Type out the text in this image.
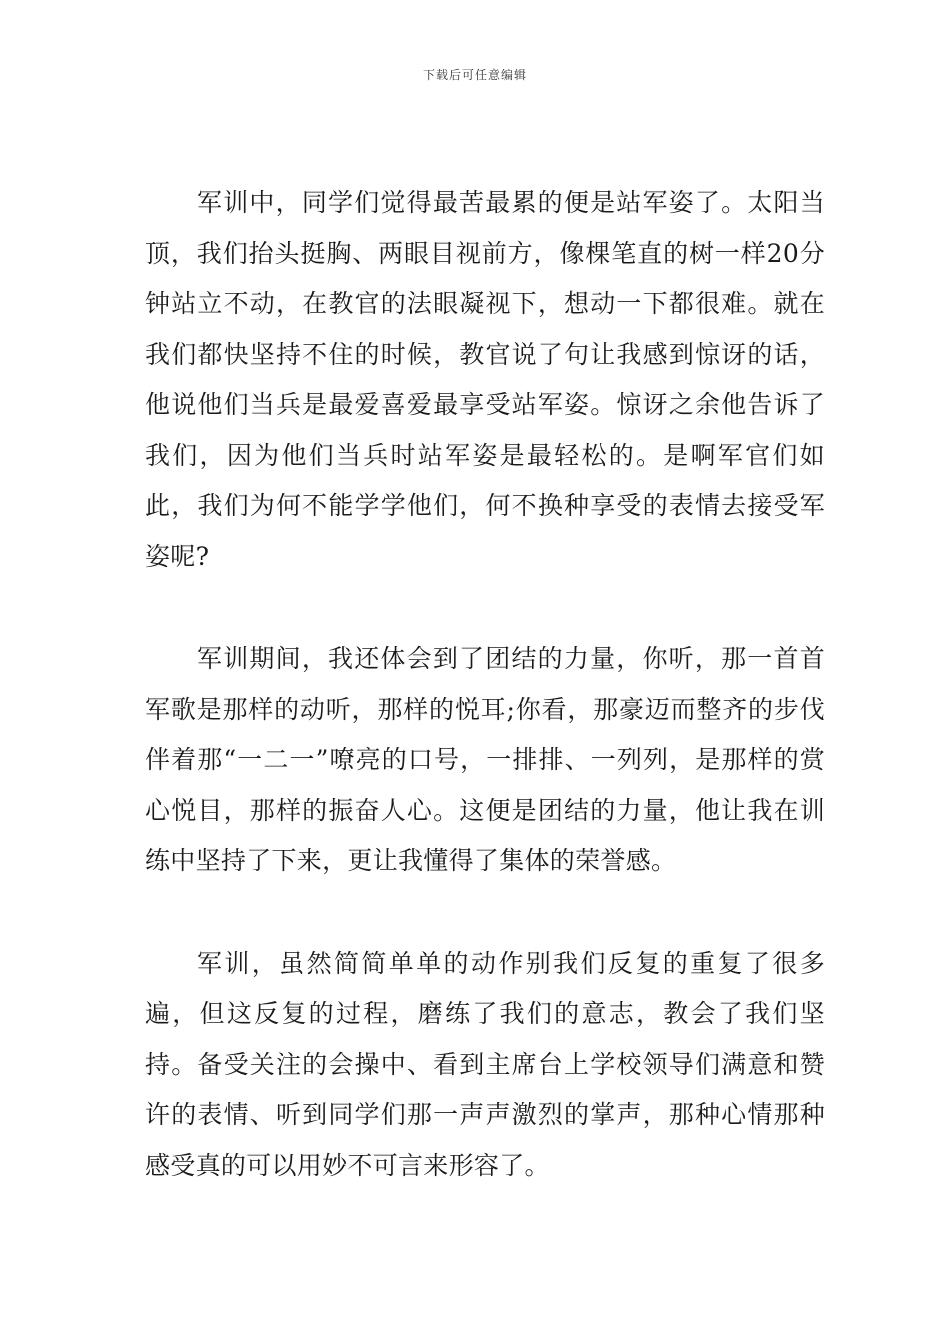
下载后可任意编辑

军训中，同学们觉得最苦最累的便是站军姿了。太阳当顶，我们抬头挺胸、两眼目视前方，像棵笔直的树一样20分钟站立不动，在教官的法眼凝视下，想动一下都很难。就在我们都快坚持不住的时候，教官说了句让我感到惊讶的话，他说他们当兵是最爱喜爱最享受站军姿。惊讶之余他告诉了我们，因为他们当兵时站军姿是最轻松的。是啊军官们如此，我们为何不能学学他们，何不换种享受的表情去接受军姿呢?

军训期间，我还体会到了团结的力量，你听，那一首首军歌是那样的动听，那样的悦耳;你看，那豪迈而整齐的步伐伴着那“一二一”嘹亮的口号，一排排、一列列，是那样的赏心悦目，那样的振奋人心。这便是团结的力量，他让我在训练中坚持了下来，更让我懂得了集体的荣誉感。

军训，虽然简简单单的动作别我们反复的重复了很多遍，但这反复的过程，磨练了我们的意志，教会了我们坚持。备受关注的会操中、看到主席台上学校领导们满意和赞许的表情、听到同学们那一声声激烈的掌声，那种心情那种感受真的可以用妙不可言来形容了。
